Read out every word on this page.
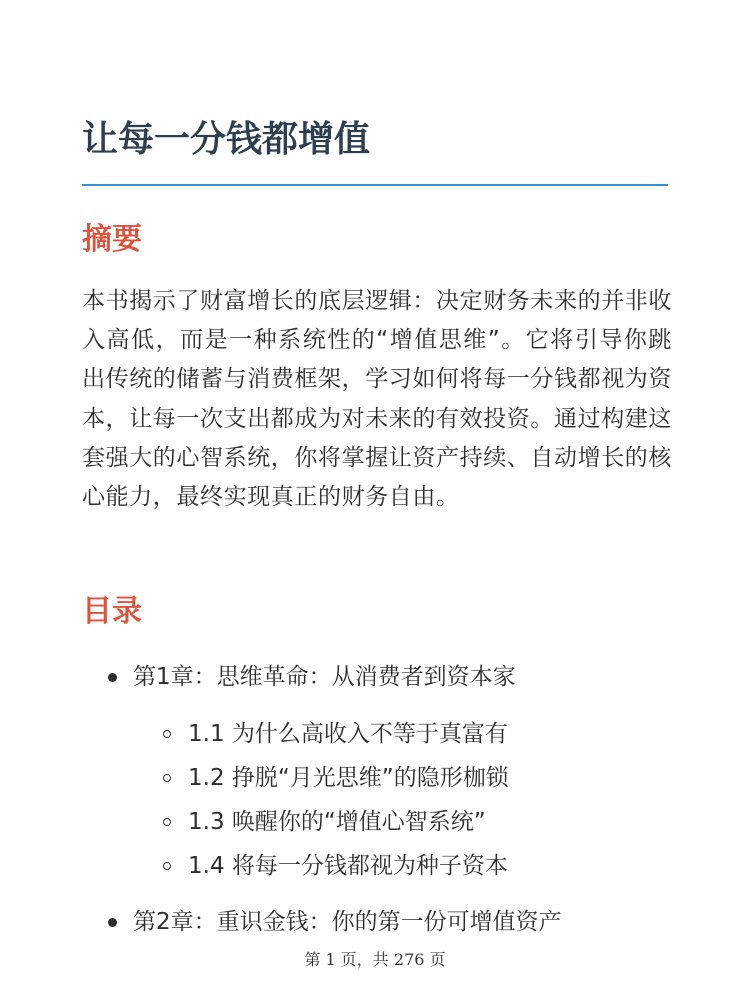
让每一分钱都增值
摘要

本书揭示了财富增长的底层逻辑：决定财务未来的并非收入高低，而是一种系统性的“增值思维”。它将引导你跳出传统的储蓄与消费框架，学习如何将每一分钱都视为资本，让每一次支出都成为对未来的有效投资。通过构建这套强大的心智系统，你将掌握让资产持续、自动增长的核心能力，最终实现真正的财务自由。

目录
第1章：思维革命：从消费者到资本家
1.1 为什么高收入不等于真富有
1.2 挣脱“月光思维”的隐形枷锁
1.3 唤醒你的“增值心智系统”
1.4 将每一分钱都视为种子资本
第2章：重识金钱：你的第一份可增值资产
第 1 页，共 276 页
